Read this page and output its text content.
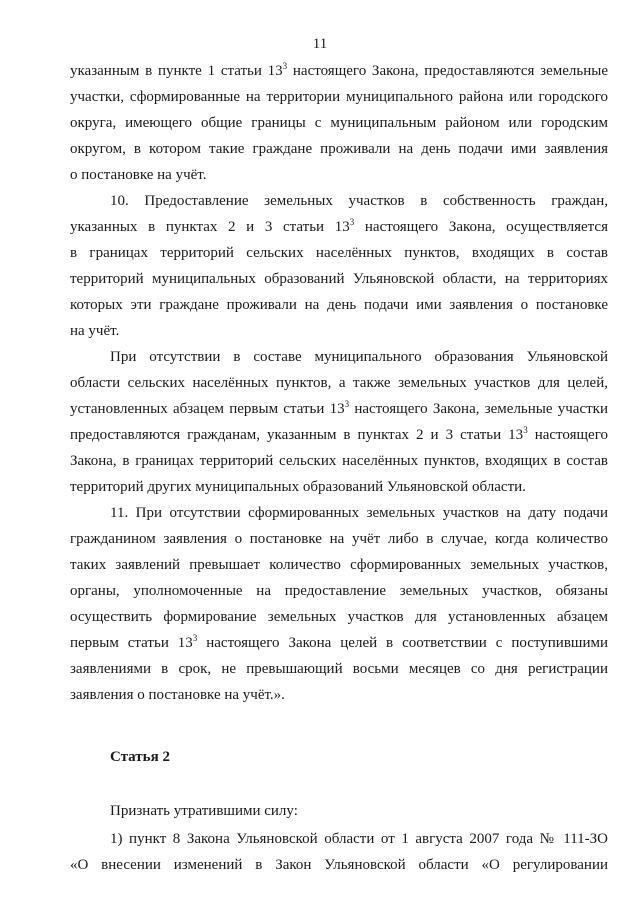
11
указанным в пункте 1 статьи $13^3$ настоящего Закона, предоставляются земельные
участки, сформированные на территории муниципального района или городского
округа, имеющего общие границы с муниципальным районом или городским
округом, в котором такие граждане проживали на день подачи ими заявления
о постановке на учёт.
10. Предоставление земельных участков в собственность граждан,
указанных в пунктах 2 и 3 статьи $13^3$ настоящего Закона, осуществляется
в границах территорий сельских населённых пунктов, входящих в состав
территорий муниципальных образований Ульяновской области, на территориях
которых эти граждане проживали на день подачи ими заявления о постановке
на учёт.
При отсутствии в составе муниципального образования Ульяновской
области сельских населённых пунктов, а также земельных участков для целей,
установленных абзацем первым статьи $13^3$ настоящего Закона, земельные участки
предоставляются гражданам, указанным в пунктах 2 и 3 статьи $13^3$ настоящего
Закона, в границах территорий сельских населённых пунктов, входящих в состав
территорий других муниципальных образований Ульяновской области.
11. При отсутствии сформированных земельных участков на дату подачи
гражданином заявления о постановке на учёт либо в случае, когда количество
таких заявлений превышает количество сформированных земельных участков,
органы, уполномоченные на предоставление земельных участков, обязаны
осуществить формирование земельных участков для установленных абзацем
первым статьи $13^3$ настоящего Закона целей в соответствии с поступившими
заявлениями в срок, не превышающий восьми месяцев со дня регистрации
заявления о постановке на учёт.».
Статья 2
Признать утратившими силу:
1) пункт 8 Закона Ульяновской области от 1 августа 2007 года № 111-ЗО
«О внесении изменений в Закон Ульяновской области «О регулировании
